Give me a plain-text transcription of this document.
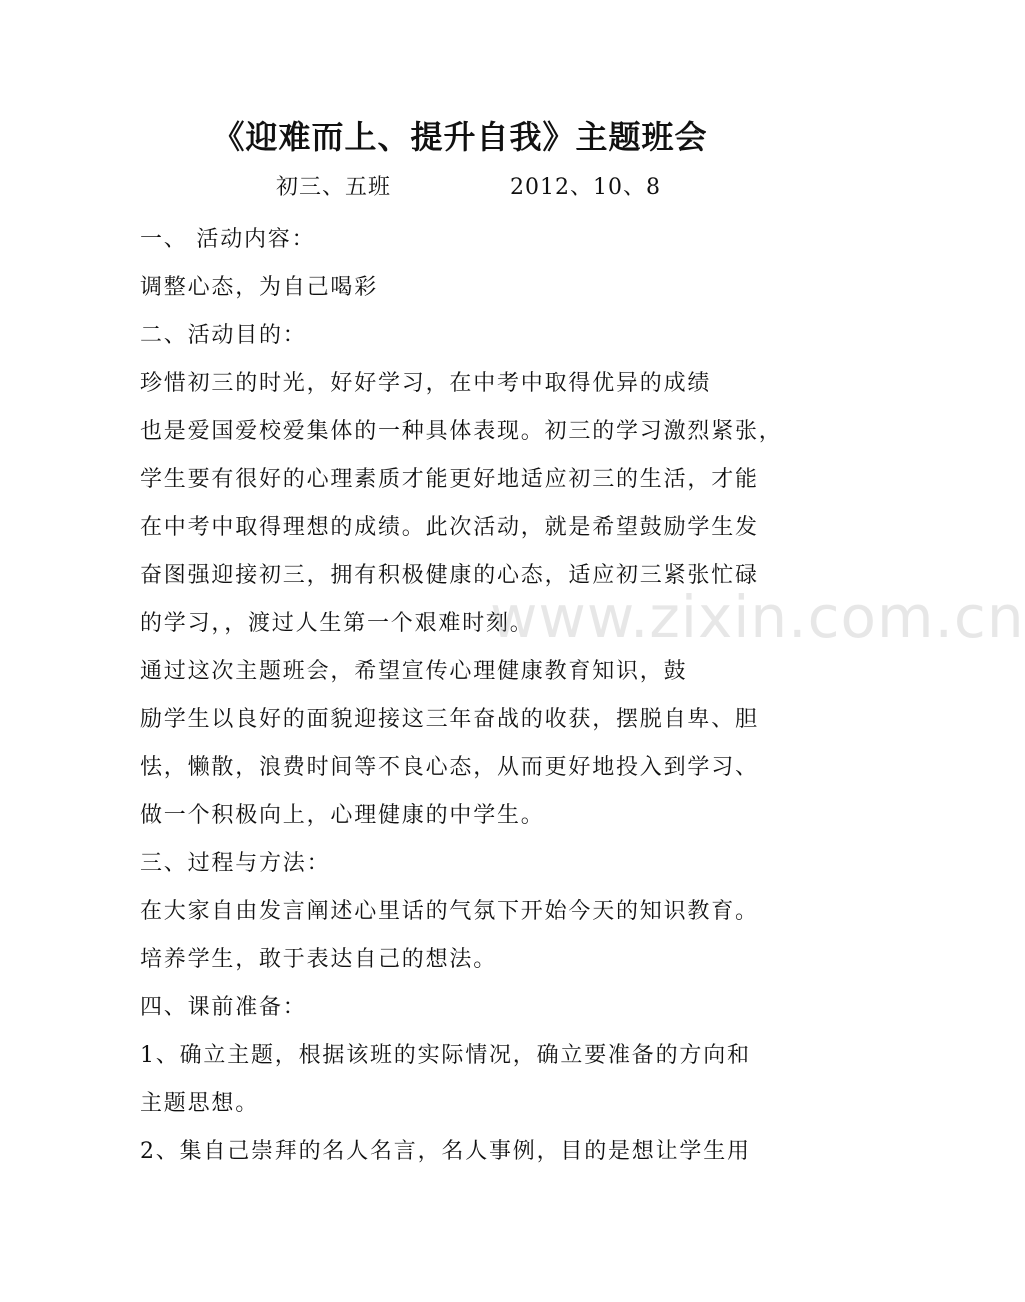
《迎难而上、提升自我》主题班会
初三、五班	2012、10、8
一、 活动内容：
调整心态，为自己喝彩
二、活动目的：
珍惜初三的时光，好好学习，在中考中取得优异的成绩
也是爱国爱校爱集体的一种具体表现。初三的学习激烈紧张，
学生要有很好的心理素质才能更好地适应初三的生活，才能
在中考中取得理想的成绩。此次活动，就是希望鼓励学生发
奋图强迎接初三，拥有积极健康的心态，适应初三紧张忙碌
的学习，，渡过人生第一个艰难时刻。
通过这次主题班会，希望宣传心理健康教育知识，鼓
励学生以良好的面貌迎接这三年奋战的收获，摆脱自卑、胆
怯，懒散，浪费时间等不良心态，从而更好地投入到学习、
做一个积极向上，心理健康的中学生。
三、过程与方法：
在大家自由发言阐述心里话的气氛下开始今天的知识教育。
培养学生，敢于表达自己的想法。
四、课前准备：
1、确立主题，根据该班的实际情况，确立要准备的方向和
主题思想。
2、集自己崇拜的名人名言，名人事例，目的是想让学生用
www.zixin.com.cn
